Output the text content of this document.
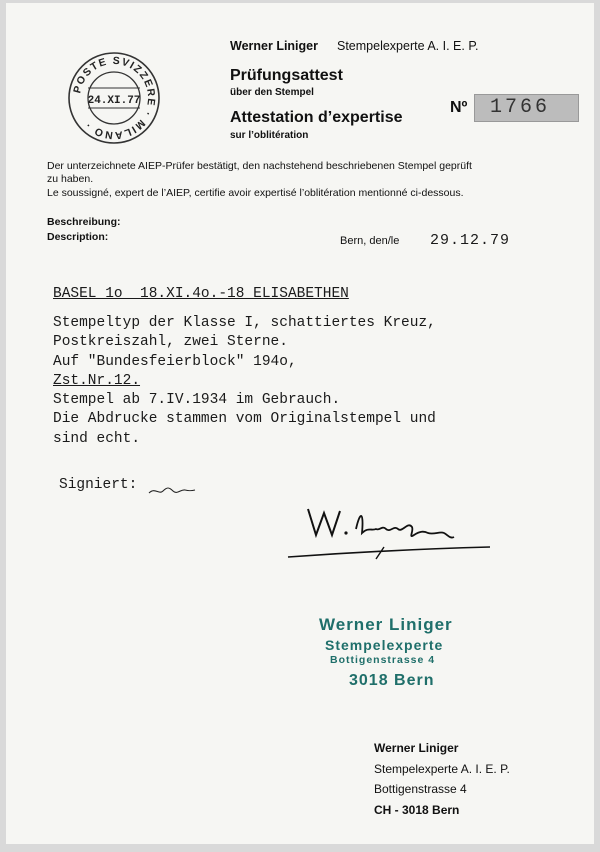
POSTE SVIZZERE · MILANO ·
24.XI.77
Werner Liniger Stempelexperte A. I. E. P.
Prüfungsattest
über den Stempel
Attestation d’expertise
sur l’oblitération
Nº 1766
Der unterzeichnete AIEP-Prüfer bestätigt, den nachstehend beschriebenen Stempel geprüft
zu haben.
Le soussigné, expert de l’AIEP, certifie avoir expertisé l’oblitération mentionné ci-dessous.
Beschreibung:
Description:	Bern, den/le 29.12.79
BASEL 1o  18.XI.4o.-18 ELISABETHEN
Stempeltyp der Klasse I, schattiertes Kreuz,
Postkreiszahl, zwei Sterne.
Auf "Bundesfeierblock" 194o,
Zst.Nr.12.
Stempel ab 7.IV.1934 im Gebrauch.
Die Abdrucke stammen vom Originalstempel und
sind echt.
Signiert:
Werner Liniger
Stempelexperte
Bottigenstrasse 4
3018 Bern
Werner Liniger
Stempelexperte A. I. E. P.
Bottigenstrasse 4
CH - 3018 Bern
